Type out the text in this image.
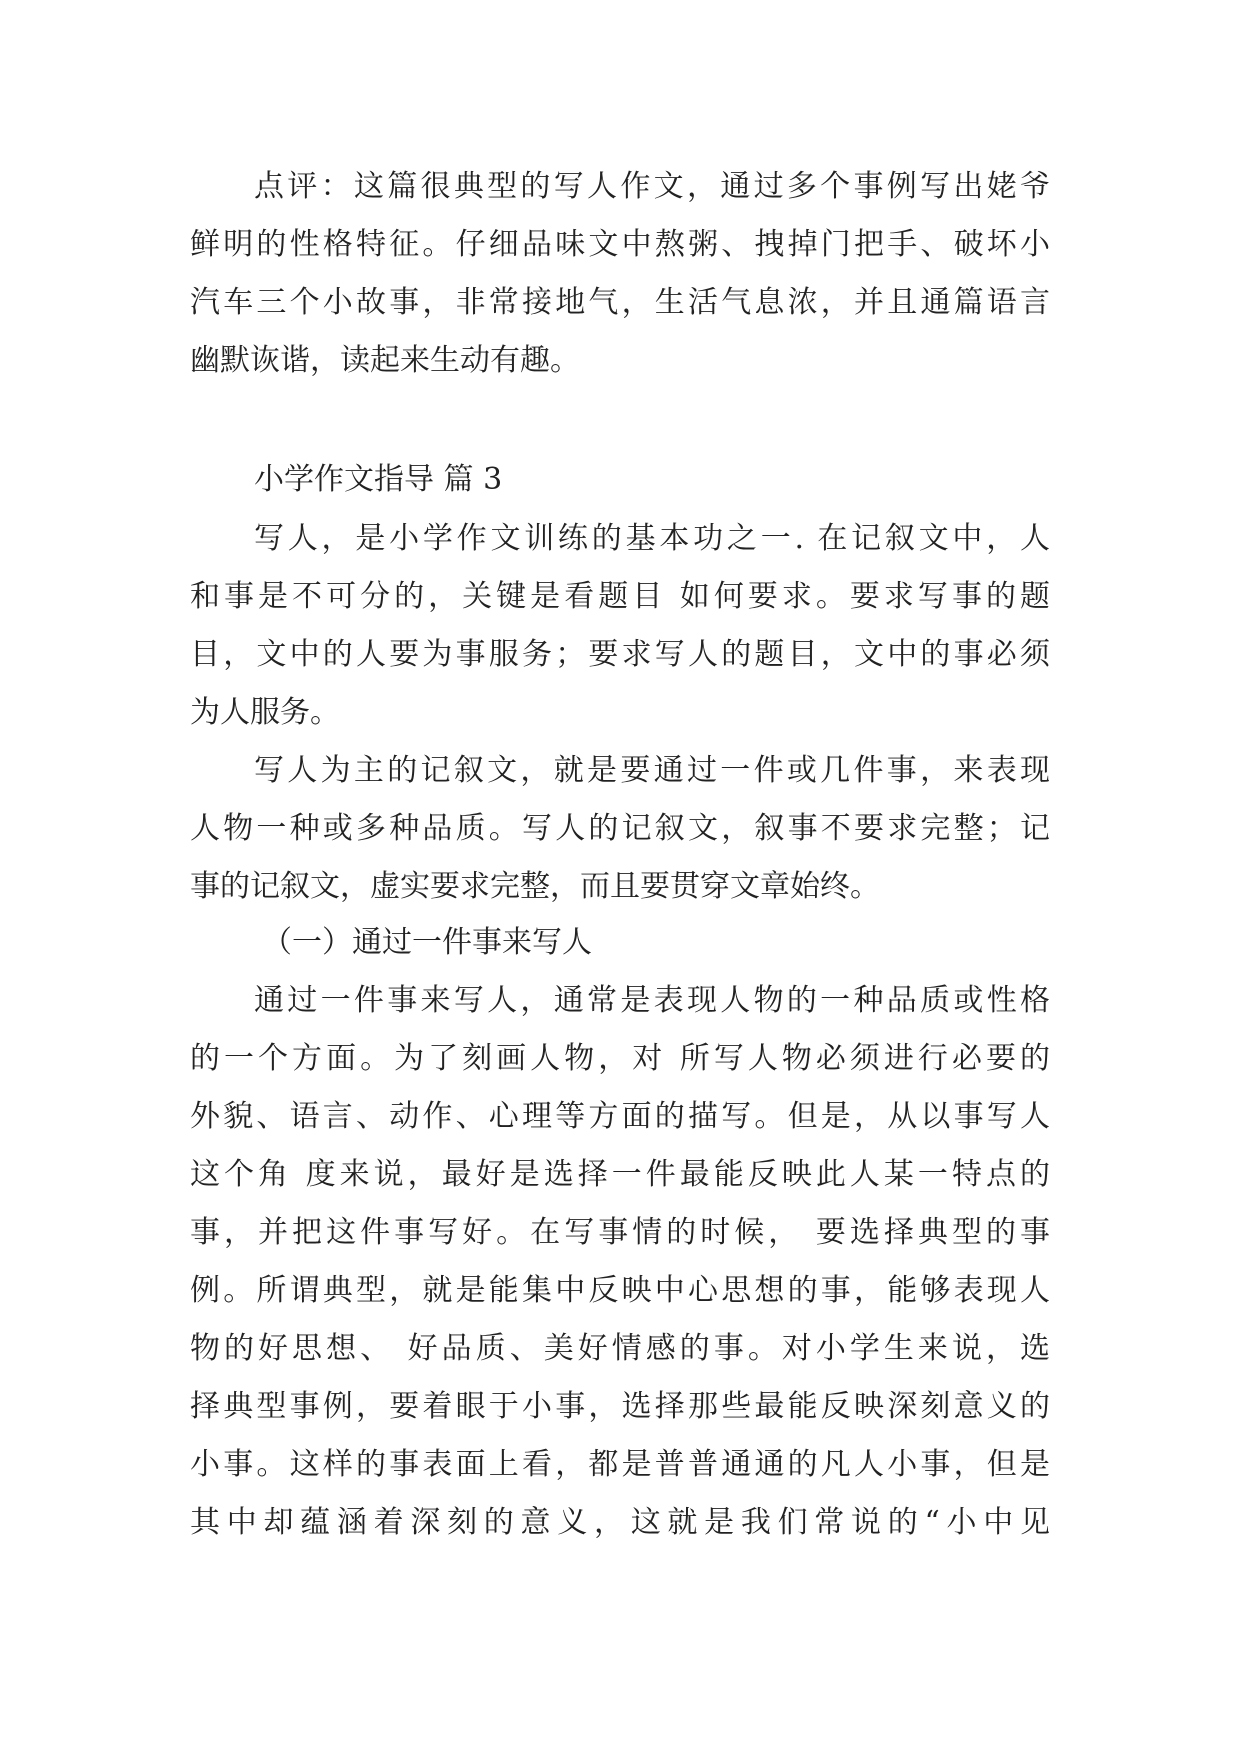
点评：这篇很典型的写人作文，通过多个事例写出姥爷
鲜明的性格特征。仔细品味文中熬粥、拽掉门把手、破坏小
汽车三个小故事，非常接地气，生活气息浓，并且通篇语言
幽默诙谐，读起来生动有趣。
小学作文指导 篇 3
写人，是小学作文训练的基本功之一. 在记叙文中，人
和事是不可分的，关键是看题目 如何要求。要求写事的题
目，文中的人要为事服务；要求写人的题目，文中的事必须
为人服务。
写人为主的记叙文，就是要通过一件或几件事，来表现
人物一种或多种品质。写人的记叙文，叙事不要求完整；记
事的记叙文，虚实要求完整，而且要贯穿文章始终。
（一）通过一件事来写人
通过一件事来写人，通常是表现人物的一种品质或性格
的一个方面。为了刻画人物，对 所写人物必须进行必要的
外貌、语言、动作、心理等方面的描写。但是，从以事写人
这个角 度来说，最好是选择一件最能反映此人某一特点的
事，并把这件事写好。在写事情的时候， 要选择典型的事
例。所谓典型，就是能集中反映中心思想的事，能够表现人
物的好思想、 好品质、美好情感的事。对小学生来说，选
择典型事例，要着眼于小事，选择那些最能反映深刻意义的
小事。这样的事表面上看，都是普普通通的凡人小事，但是
其中却蕴涵着深刻的意义，这就是我们常说的“小中见
